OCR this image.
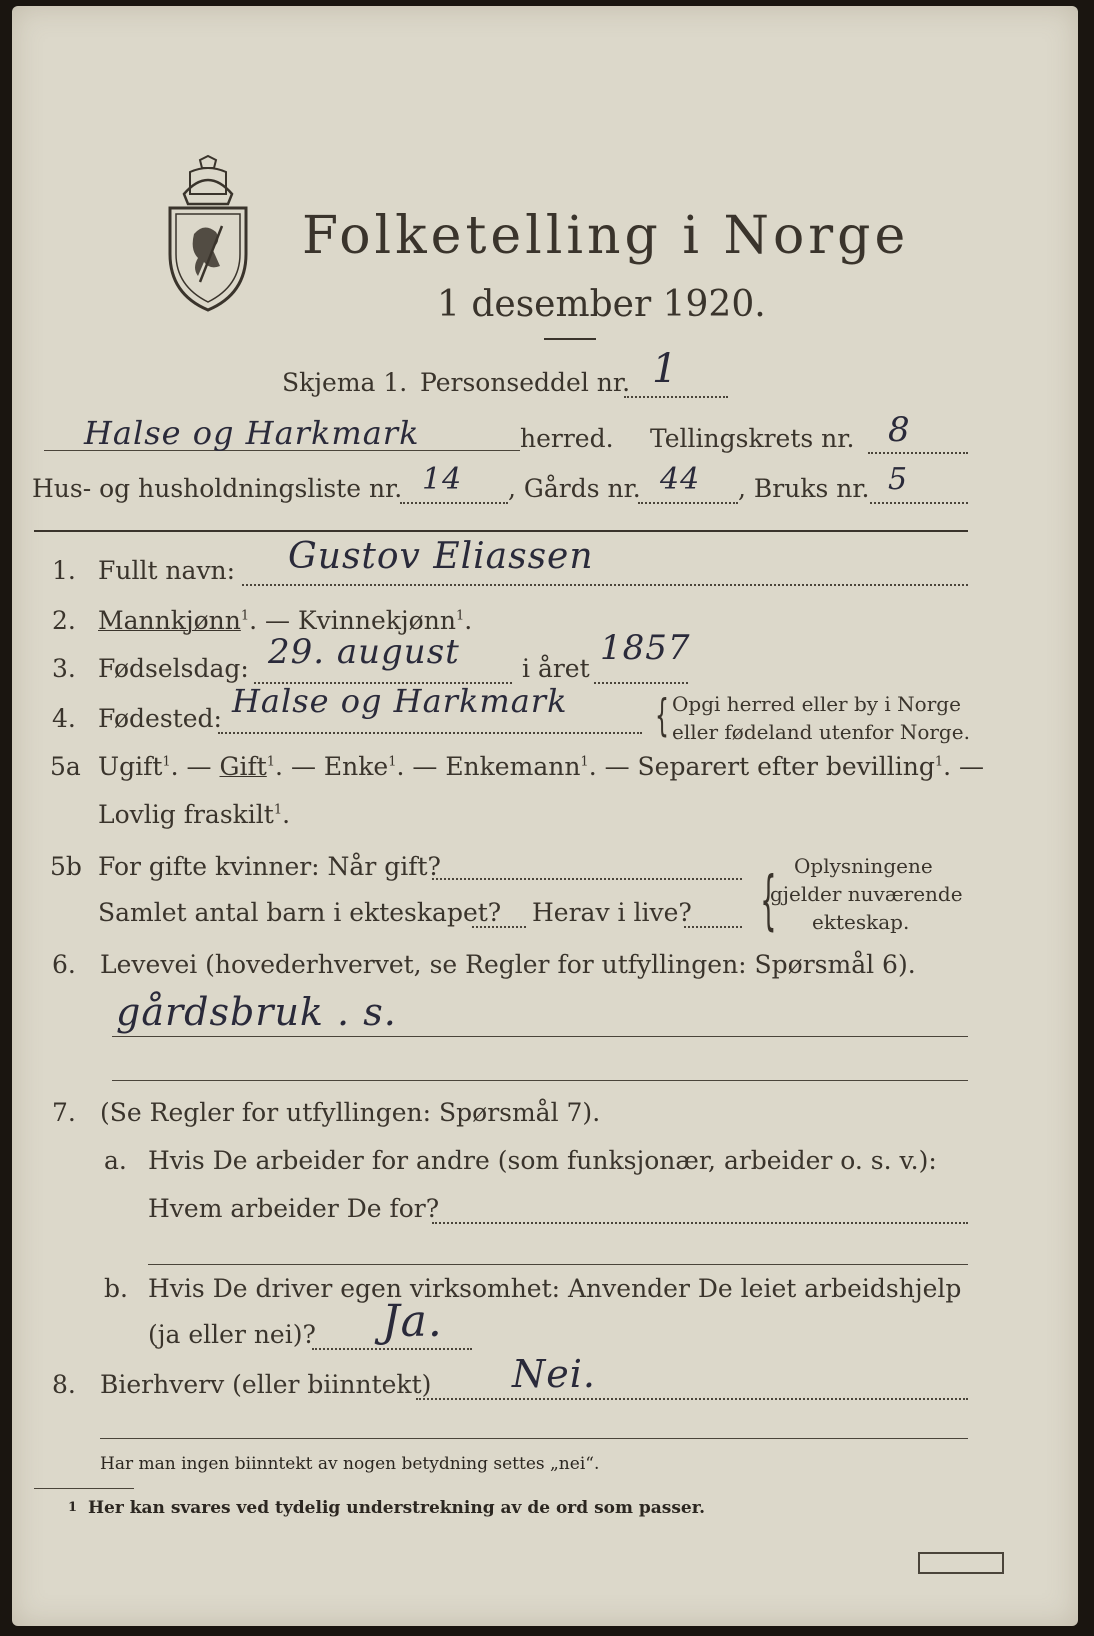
Folketelling i Norge
1 desember 1920.
Skjema 1. Personseddel nr. 1
Halse og Harkmark	herred. Tellingskrets nr. 8
Hus- og husholdningsliste nr. 14 , Gårds nr. 44 , Bruks nr. 5
1. Fullt navn: Gustov Eliassen
2. Mannkjønn$^1$. — Kvinnekjønn$^1$.
3. Fødselsdag: 29. august i året
1857
4. Fødested: Halse og Harkmark { Opgi herred eller by i Norge
eller fødeland utenfor Norge.
5a Ugift$^1$. — Gift$^1$. — Enke$^1$. — Enkemann$^1$. — Separert efter bevilling$^1$. —
Lovlig fraskilt$^1$.
5b For gifte kvinner: Når gift?
Samlet antal barn i ekteskapet? Herav i live? { Oplysningene
gjelder nuværende
ekteskap.
6. Levevei (hovederhvervet, se Regler for utfyllingen: Spørsmål 6).
gårdsbruk . s.
7. (Se Regler for utfyllingen: Spørsmål 7).
a. Hvis De arbeider for andre (som funksjonær, arbeider o. s. v.):
Hvem arbeider De for?
b. Hvis De driver egen virksomhet: Anvender De leiet arbeidshjelp
(ja eller nei)? Ja.
8. Bierhverv (eller biinntekt) Nei.
Har man ingen biinntekt av nogen betydning settes „nei“.
1 Her kan svares ved tydelig understrekning av de ord som passer.
